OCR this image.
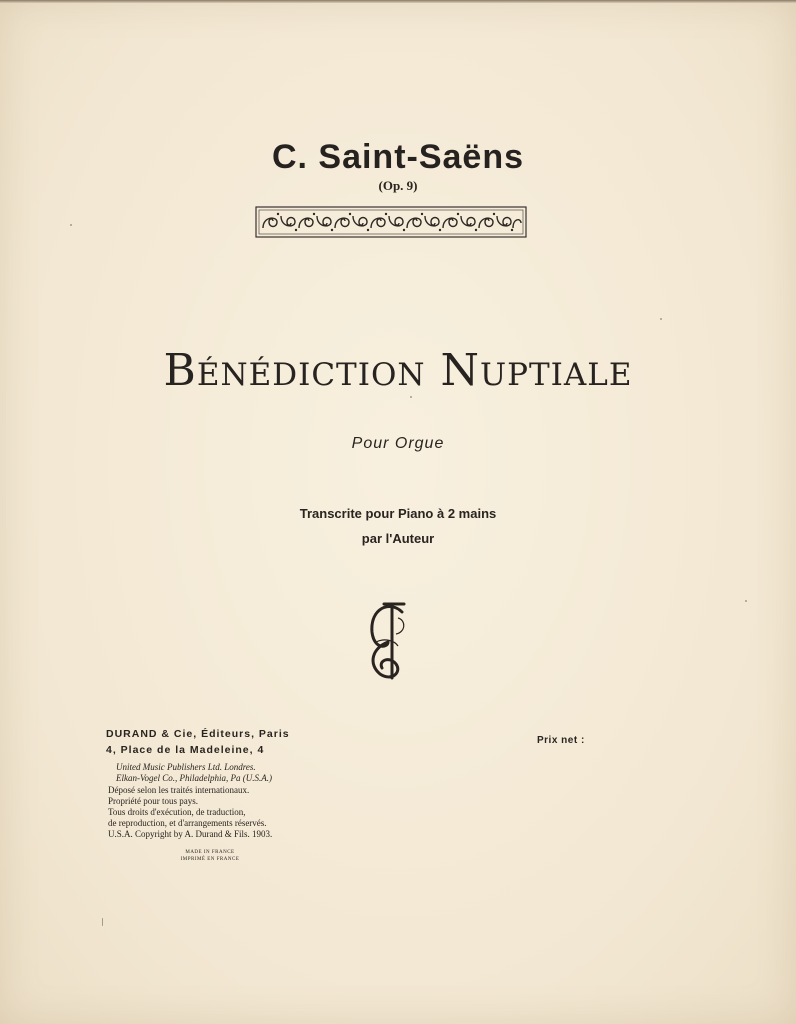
C. Saint-Saëns
(Op. 9)
Bénédiction Nuptiale
Pour Orgue
Transcrite pour Piano à 2 mains
par l'Auteur
DURAND & Cie, Éditeurs, Paris
4, Place de la Madeleine, 4
United Music Publishers Ltd. Londres.
Elkan-Vogel Co., Philadelphia, Pa (U.S.A.)
Déposé selon les traités internationaux.
Propriété pour tous pays.
Tous droits d'exécution, de traduction,
de reproduction, et d'arrangements réservés.
U.S.A. Copyright by A. Durand & Fils. 1903.
MADE IN FRANCE
IMPRIMÉ EN FRANCE
Prix net :
